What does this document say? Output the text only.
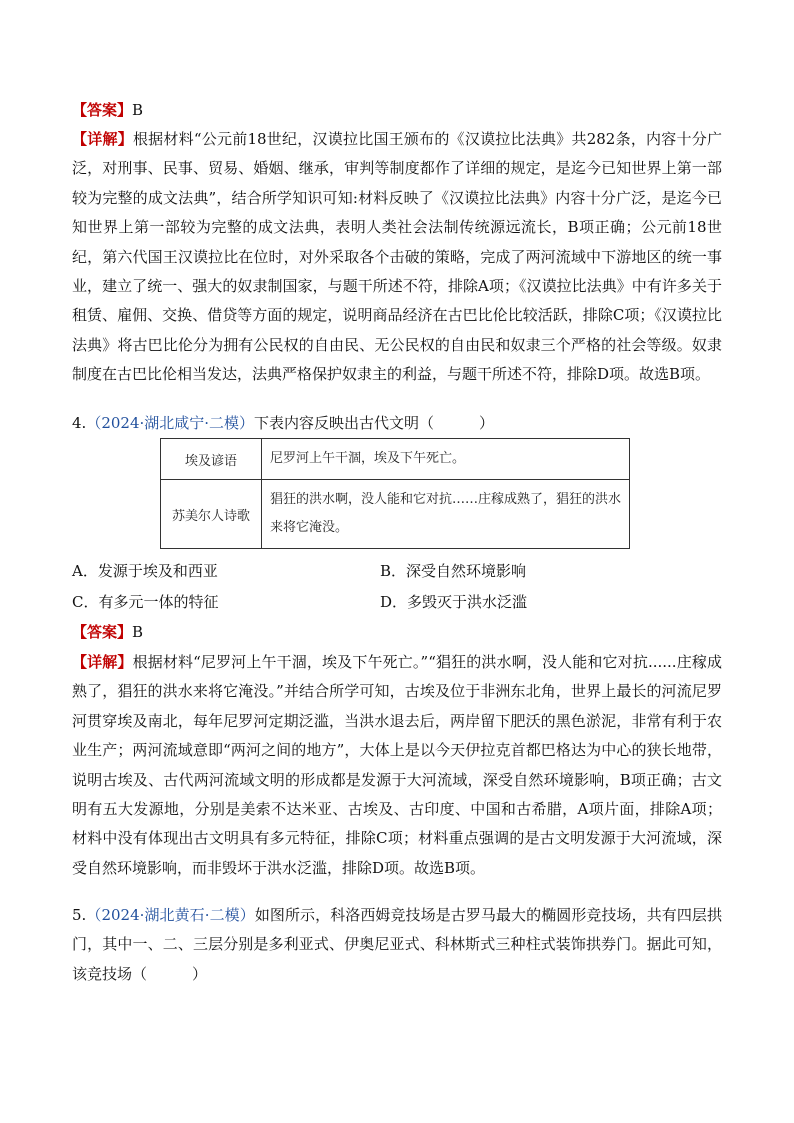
【答案】B

【详解】根据材料“公元前18世纪，汉谟拉比国王颁布的《汉谟拉比法典》共282条，内容十分广泛，对刑事、民事、贸易、婚姻、继承，审判等制度都作了详细的规定，是迄今已知世界上第一部较为完整的成文法典”，结合所学知识可知:材料反映了《汉谟拉比法典》内容十分广泛，是迄今已知世界上第一部较为完整的成文法典，表明人类社会法制传统源远流长，B项正确；公元前18世纪，第六代国王汉谟拉比在位时，对外采取各个击破的策略，完成了两河流域中下游地区的统一事业，建立了统一、强大的奴隶制国家，与题干所述不符，排除A项；《汉谟拉比法典》中有许多关于租赁、雇佣、交换、借贷等方面的规定，说明商品经济在古巴比伦比较活跃，排除C项；《汉谟拉比法典》将古巴比伦分为拥有公民权的自由民、无公民权的自由民和奴隶三个严格的社会等级。奴隶制度在古巴比伦相当发达，法典严格保护奴隶主的利益，与题干所述不符，排除D项。故选B项。

4.（2024·湖北咸宁·二模）下表内容反映出古代文明（　　　）

埃及谚语	尼罗河上午干涸，埃及下午死亡。
苏美尔人诗歌	猖狂的洪水啊，没人能和它对抗……庄稼成熟了，猖狂的洪水来将它淹没。
A．发源于埃及和西亚	B．深受自然环境影响
C．有多元一体的特征	D．多毁灭于洪水泛滥

【答案】B

【详解】根据材料“尼罗河上午干涸，埃及下午死亡。”“猖狂的洪水啊，没人能和它对抗......庄稼成熟了，猖狂的洪水来将它淹没。”并结合所学可知，古埃及位于非洲东北角，世界上最长的河流尼罗河贯穿埃及南北，每年尼罗河定期泛滥，当洪水退去后，两岸留下肥沃的黑色淤泥，非常有利于农业生产；两河流域意即“两河之间的地方”，大体上是以今天伊拉克首都巴格达为中心的狭长地带，说明古埃及、古代两河流域文明的形成都是发源于大河流域，深受自然环境影响，B项正确；古文明有五大发源地，分别是美索不达米亚、古埃及、古印度、中国和古希腊，A项片面，排除A项；材料中没有体现出古文明具有多元特征，排除C项；材料重点强调的是古文明发源于大河流域，深受自然环境影响，而非毁坏于洪水泛滥，排除D项。故选B项。

5.（2024·湖北黄石·二模）如图所示，科洛西姆竞技场是古罗马最大的椭圆形竞技场，共有四层拱门，其中一、二、三层分别是多利亚式、伊奥尼亚式、科林斯式三种柱式装饰拱券门。据此可知，该竞技场（　　　）
